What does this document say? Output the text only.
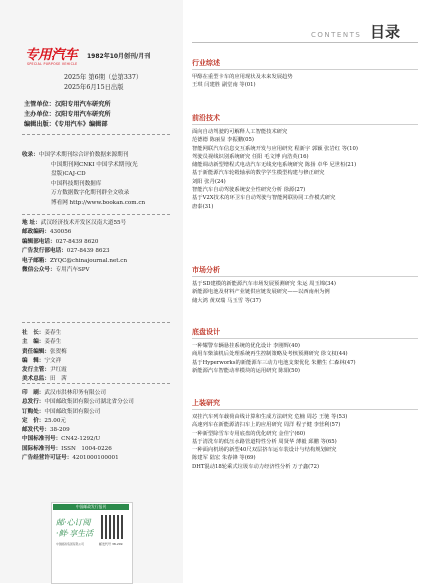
专用汽车
SPECIAL PURPOSE VEHICLE
1982年10月创刊/月刊
2025年 第6期（总第337）
2025年6月15日出版
主管单位：汉阳专用汽车研究所
主办单位：汉阳专用汽车研究所
编辑出版：《专用汽车》编辑部
收录：中国学术期刊综合评价数据来源期刊
中国期刊网CNKI 中国学术期刊(光
盘版)CAJ-CD
中国科技期刊数据库
万方数据数字化期刊群全文收录
博看网 http://www.bookan.com.cn
地 址：武汉经济技术开发区汉南大道55号
邮政编码：430056
编辑部电话：027-8439 8620
广告发行部电话：027-8439 8623
电子邮箱：ZYQC@chinajournal.net.cn
微信公众号：专用汽车SPV
社　长：姜春生
主　编：姜春生
责任编辑：张贺梅
编　辑：宁文祥
发行主管：尹红霞
美术总监：田　茜
印　刷：武汉市洪林印务有限公司
总发行：中国邮政集团有限公司湖北省分公司
订购处：中国邮政集团有限公司
定　价：25.00元
邮发代号：38-209
中国标准刊号：CN42-1292/U
国际标准刊号：ISSN　1004-0226
广告经营许可证号：4201000100001
中国邮政发行报刊
邮·心订阅
·鲜·享生活
邮发代号 38-209
中国邮政集团有限公司
CONTENTS 目录
行业综述
甲醇在重型卡车的应用现状及未来发展趋势
王琪 闫建胜 副堂南 等(01)
前沿技术
面向自动驾驶的可解释人工智能技术研究
范德德 陈丽显 李振鹏(05)
智能网联汽车信息交互系统开发与应用研究 程新宇 郭颖 张岩红 等(10)
驾驶员视线识别系统研究 任阳 毛文博 向浩英(16)
储能调动新型增程式电动汽车无线充电系统研究 陈扬 卓华 尼世桓(21)
基于新能源汽车轮毂轴承的数学学生模型构建与修正研究
刘阳 张丹(24)
智能汽车自动驾驶系统安全性研究分析 徐源(27)
基于V2X技术的环卫车自动驾驶与智能网联协同工作模式研究
唐泰(31)
市场分析
基于SD建模的新能源汽车市场发展预测研究 朱运 周玉锦(34)
新能源电池及材料产业链供应链发展研究——以西南州为例
储大鸿 黄双瑞 马玉雪 等(37)
底盘设计
一种耀警车辆悬挂系统的优化设计 李刚辉(40)
商用车柴油机后处理系统再生控制策略及考核预测研究 徐文权(44)
基于Hyperworks的新能源车三动力电池支架优化 朱鹏生 仁森林(47)
新能源汽车智能动率模块的运用研究 陈娟(50)
上装研究
双挂汽车列车载荷由线计算和生成方法研究 危楠 周芯 王驰 等(53)
高速列车在新能源清扫车上的应用研究 周洋 程子健 李营利(57)
一种新型除雪车专用底盘的优化研究 金佳宁(60)
基于清洗车的低压水路管道特性分析 周贤华 薄毅 邱鹏 等(65)
一种面向机场的新型40尺双层挤车运车装设计与结构规划研究
陈建军 陆宏 朱春锋 等(69)
DHT混动18轮乘式垃圾车动力经济性分析 万子鑫(72)
